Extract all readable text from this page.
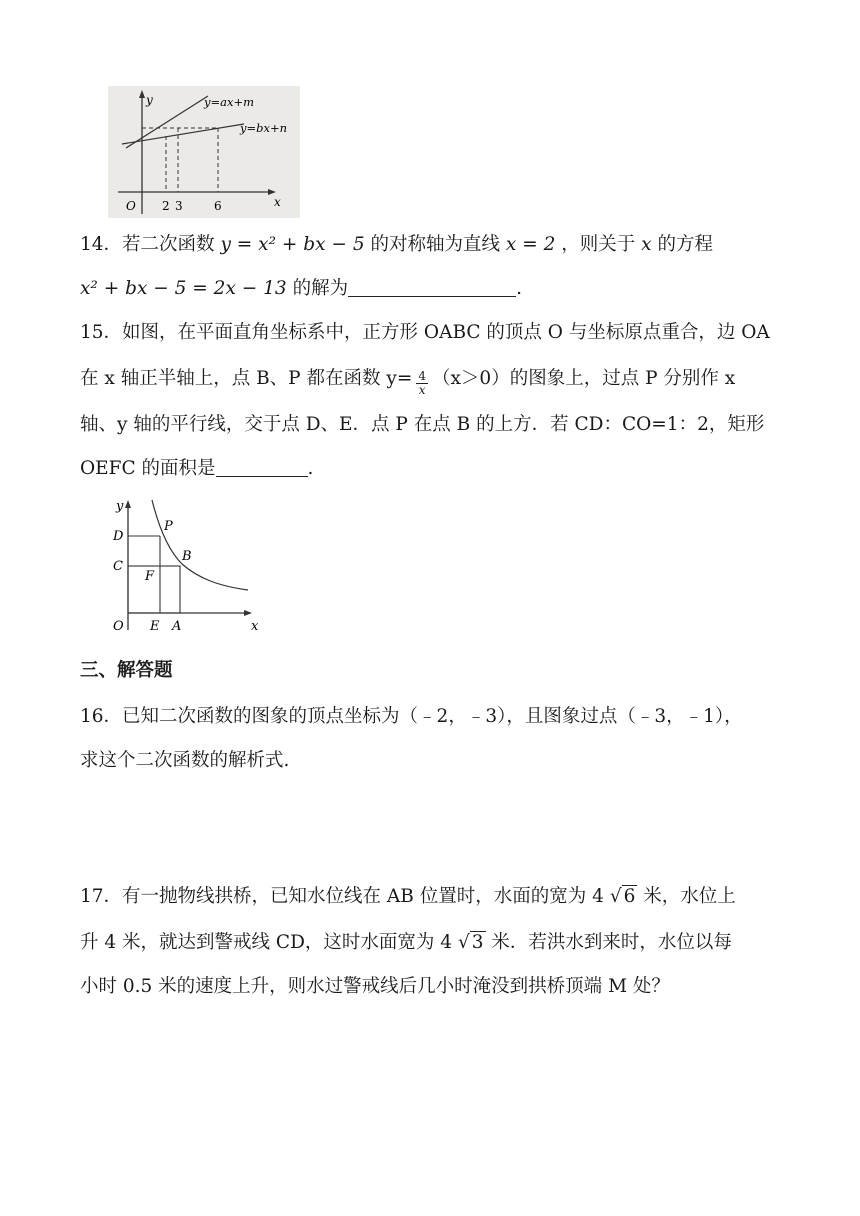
y
x
O
y=ax+m
y=bx+n
2 3	6
14．若二次函数 y = x² + bx − 5 的对称轴为直线 x = 2 ，则关于 x 的方程
x² + bx − 5 = 2x − 13 的解为	.
15．如图，在平面直角坐标系中，正方形 OABC 的顶点 O 与坐标原点重合，边 OA
在 x 轴正半轴上，点 B、P 都在函数 $y= \frac{4}{x} (x>0)$的图象上，过点 P 分别作 x
轴、y 轴的平行线，交于点 D、E．点 P 在点 B 的上方．若 CD：CO=1：2，矩形
OEFC 的面积是	.
D
C
O E A
P
B
F
y
x
三、解答题
16．已知二次函数的图象的顶点坐标为（﹣2，﹣3），且图象过点（﹣3，﹣1），
求这个二次函数的解析式.
17．有一抛物线拱桥，已知水位线在 AB 位置时，水面的宽为 4 √ 6 米，水位上
升 4 米，就达到警戒线 CD，这时水面宽为 4 √ 3 米．若洪水到来时，水位以每
小时 0.5 米的速度上升，则水过警戒线后几小时淹没到拱桥顶端 M 处？
